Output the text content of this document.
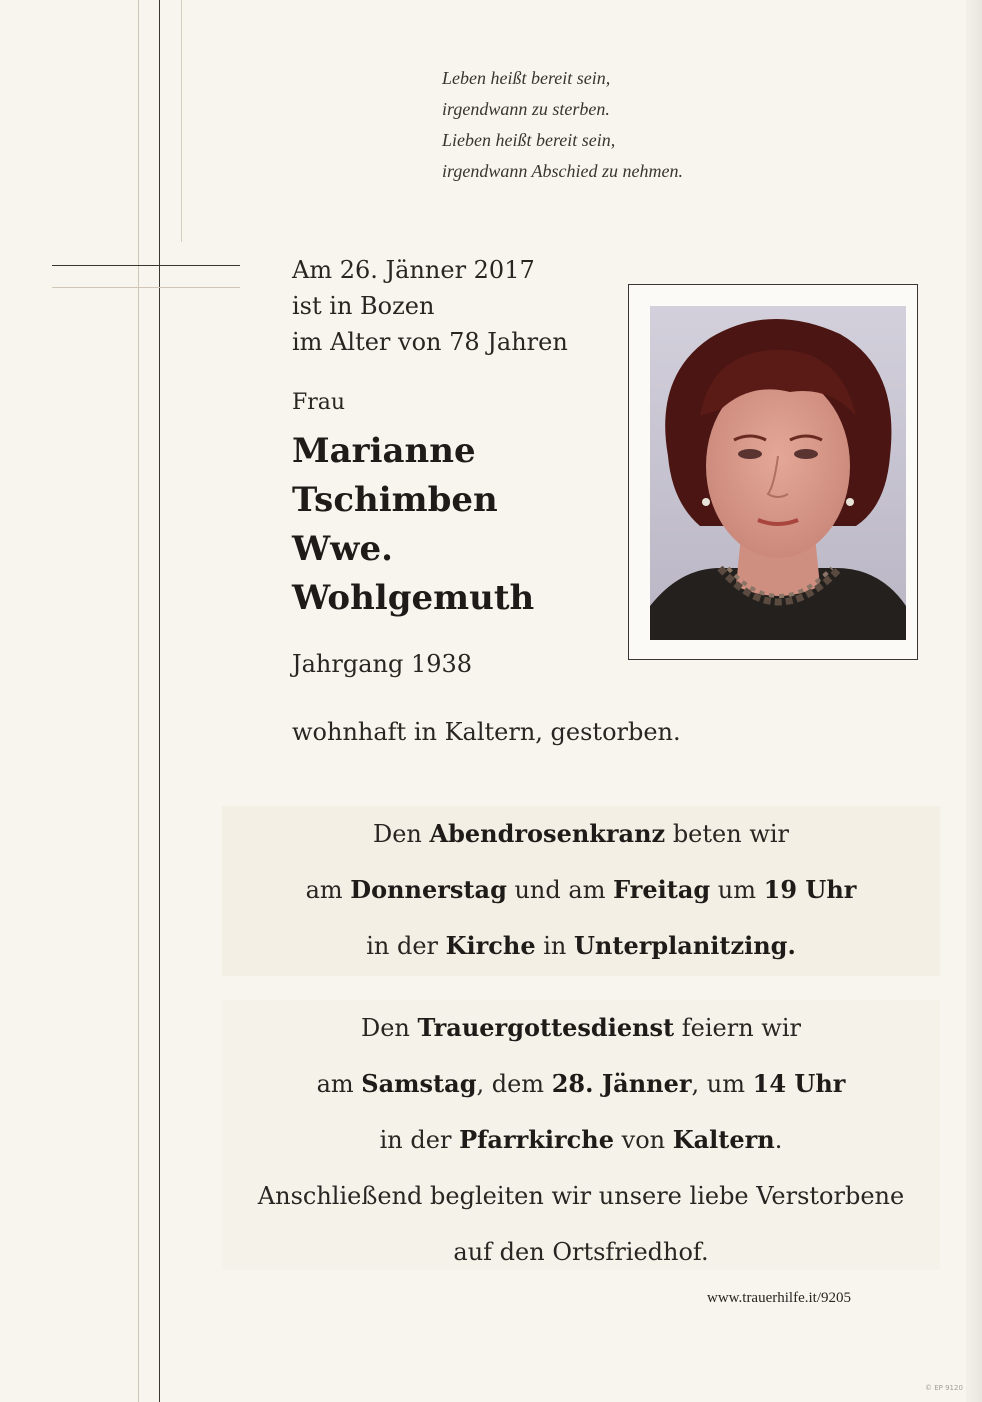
Leben heißt bereit sein,
irgendwann zu sterben.
Lieben heißt bereit sein,
irgendwann Abschied zu nehmen.
Am 26. Jänner 2017
ist in Bozen
im Alter von 78 Jahren
Frau
Marianne
Tschimben
Wwe.
Wohlgemuth
Jahrgang 1938
wohnhaft in Kaltern, gestorben.
Den Abendrosenkranz beten wir
am Donnerstag und am Freitag um 19 Uhr
in der Kirche in Unterplanitzing.
Den Trauergottesdienst feiern wir
am Samstag, dem 28. Jänner, um 14 Uhr
in der Pfarrkirche von Kaltern.
Anschließend begleiten wir unsere liebe Verstorbene
auf den Ortsfriedhof.
www.trauerhilfe.it/9205
© EP 9120
